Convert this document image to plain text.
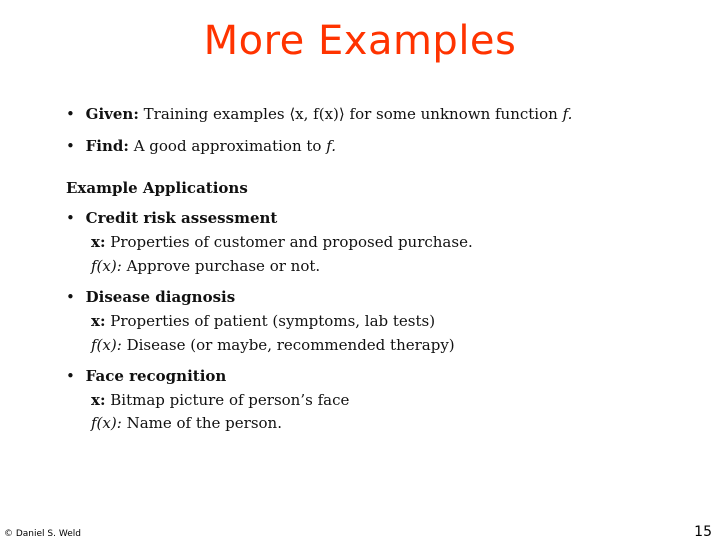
More Examples
• Given: Training examples ⟨x, f(x)⟩ for some unknown function f.
• Find: A good approximation to f.
Example Applications
• Credit risk assessment
x: Properties of customer and proposed purchase.
f(x): Approve purchase or not.
• Disease diagnosis
x: Properties of patient (symptoms, lab tests)
f(x): Disease (or maybe, recommended therapy)
• Face recognition
x: Bitmap picture of person’s face
f(x): Name of the person.
© Daniel S. Weld	15
